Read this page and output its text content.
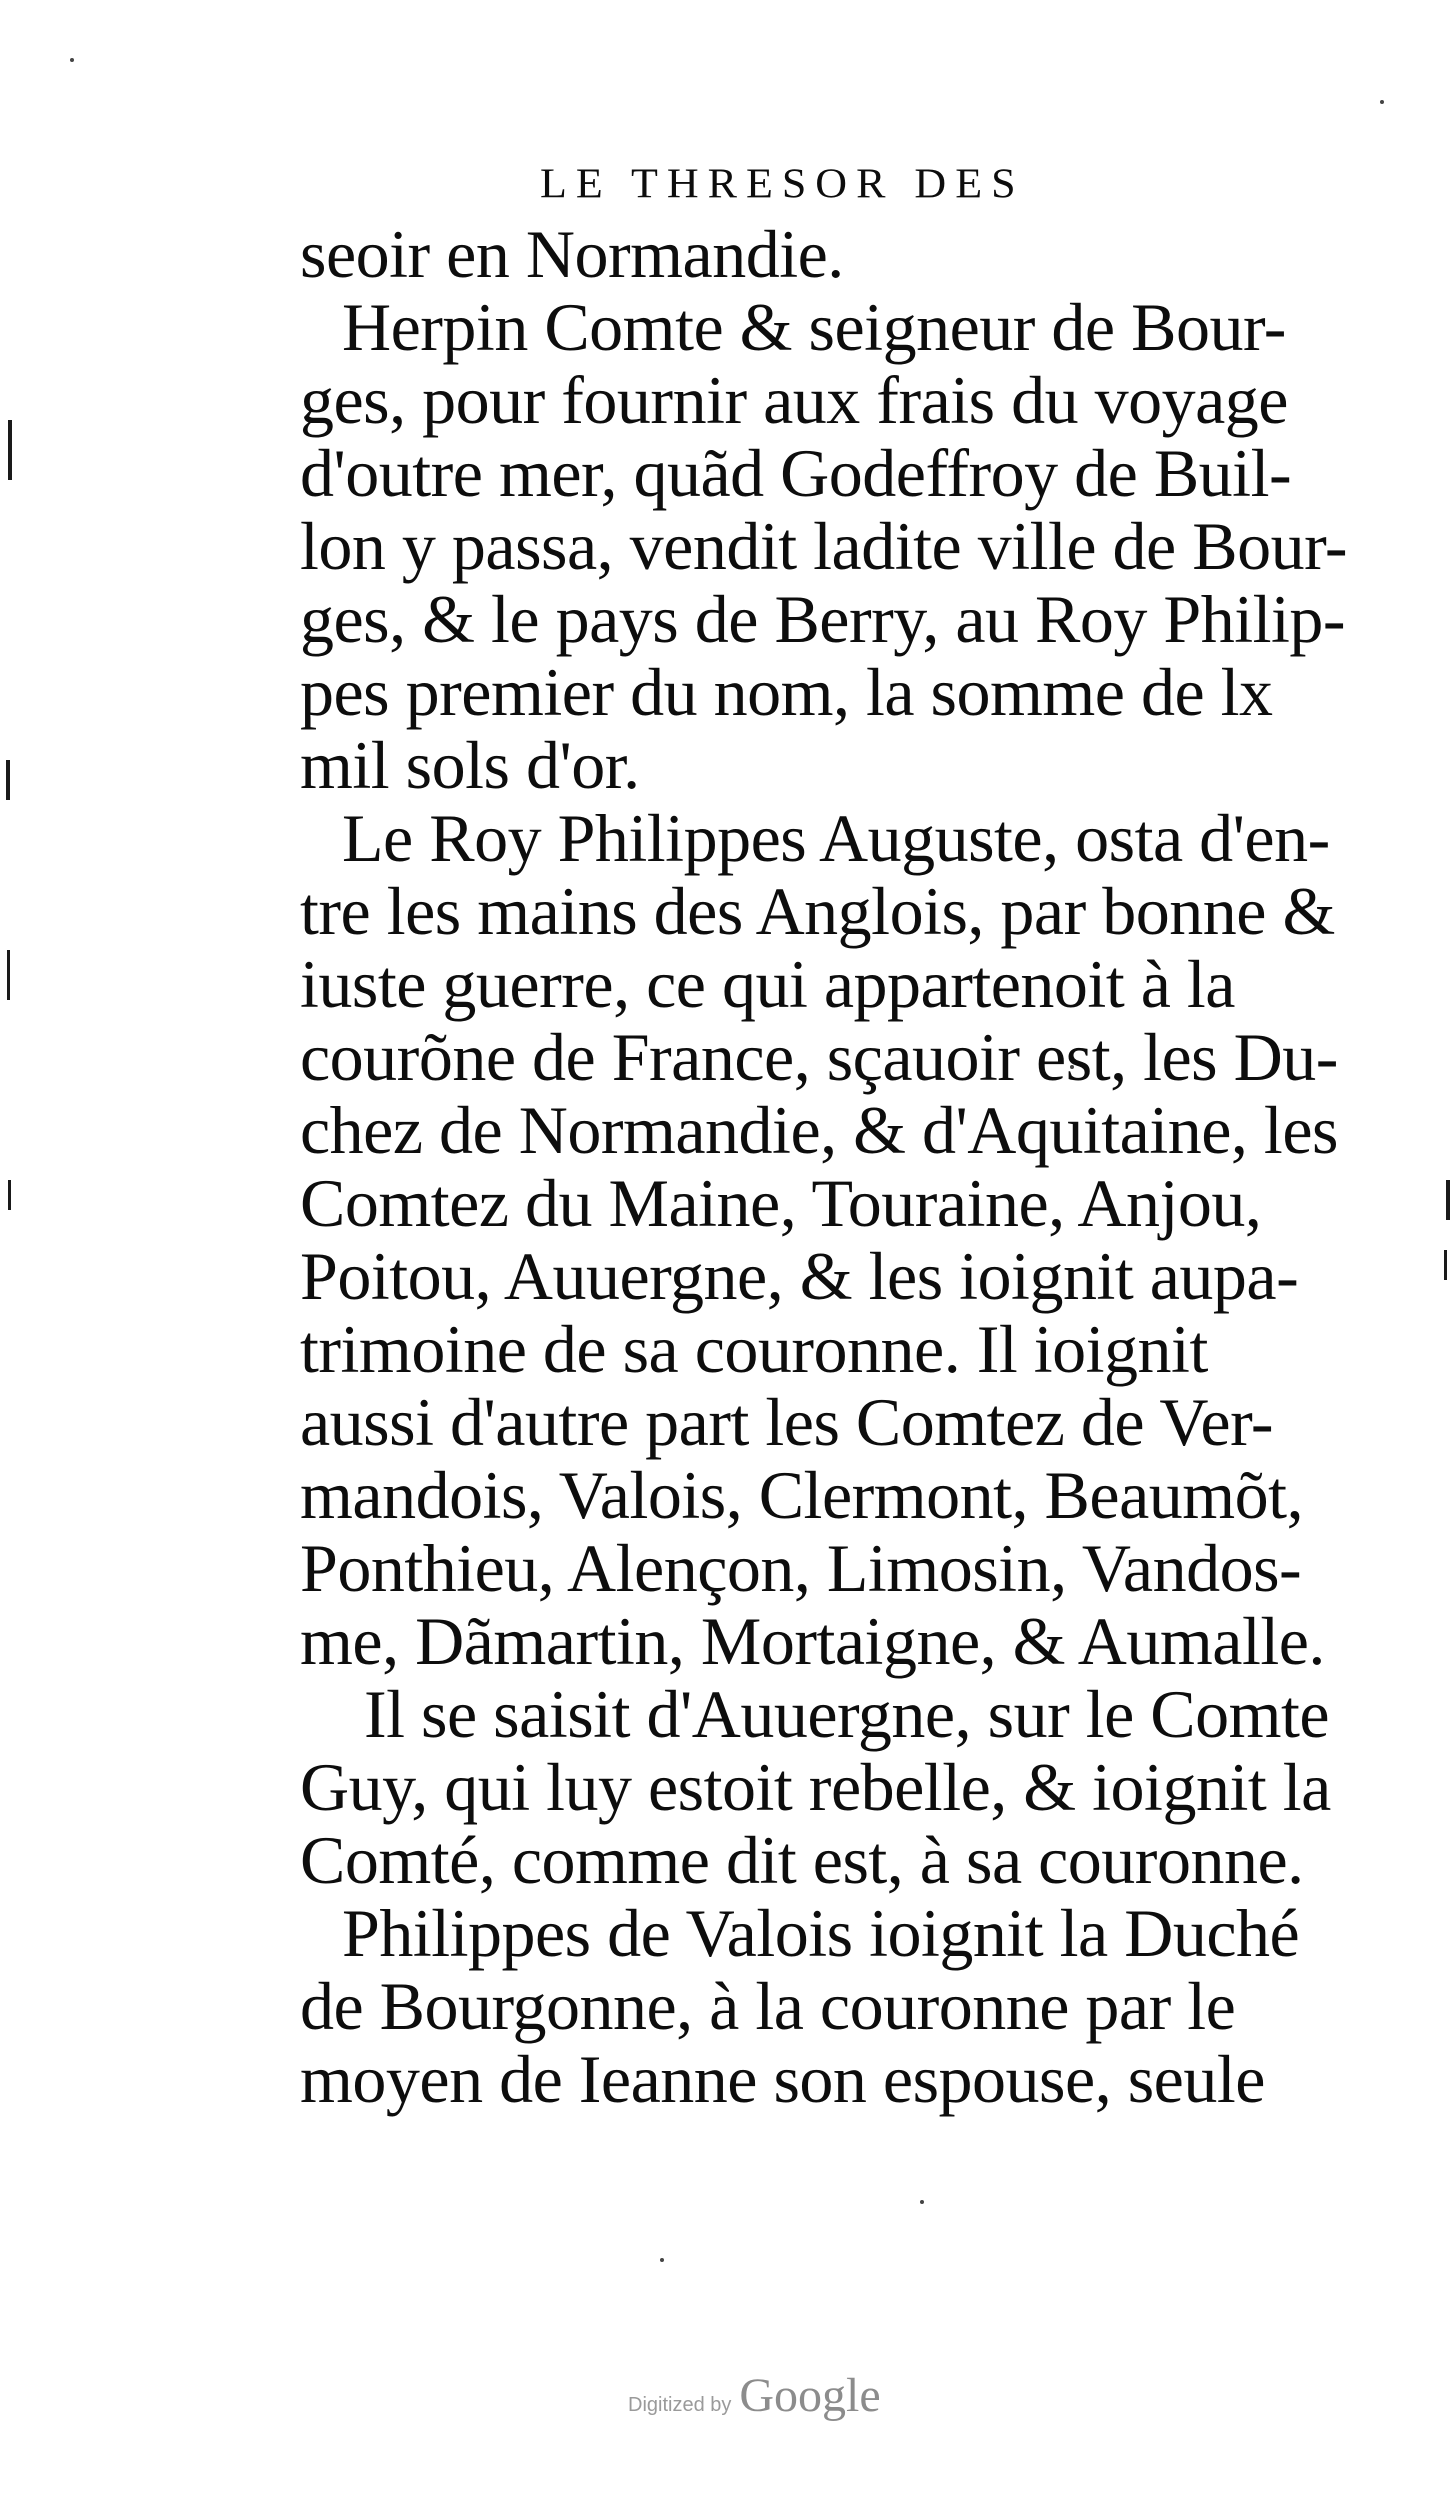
LE THRESOR DES
seoir en Normandie.
Herpin Comte & seigneur de Bour-
ges, pour fournir aux frais du voyage
d'outre mer, quãd Godeffroy de Buil-
lon y passa, vendit ladite ville de Bour-
ges, & le pays de Berry, au Roy Philip-
pes premier du nom, la somme de lx
mil sols d'or.
Le Roy Philippes Auguste, osta d'en-
tre les mains des Anglois, par bonne &
iuste guerre, ce qui appartenoit à la
courõne de France, sçauoir est, les Du-
chez de Normandie, & d'Aquitaine, les
Comtez du Maine, Touraine, Anjou,
Poitou, Auuergne, & les ioignit aupa-
trimoine de sa couronne. Il ioignit
aussi d'autre part les Comtez de Ver-
mandois, Valois, Clermont, Beaumõt,
Ponthieu, Alençon, Limosin, Vandos-
me, Dãmartin, Mortaigne, & Aumalle.
Il se saisit d'Auuergne, sur le Comte
Guy, qui luy estoit rebelle, & ioignit la
Comté, comme dit est, à sa couronne.
Philippes de Valois ioignit la Duché
de Bourgonne, à la couronne par le
moyen de Ieanne son espouse, seule
Digitized by Google
